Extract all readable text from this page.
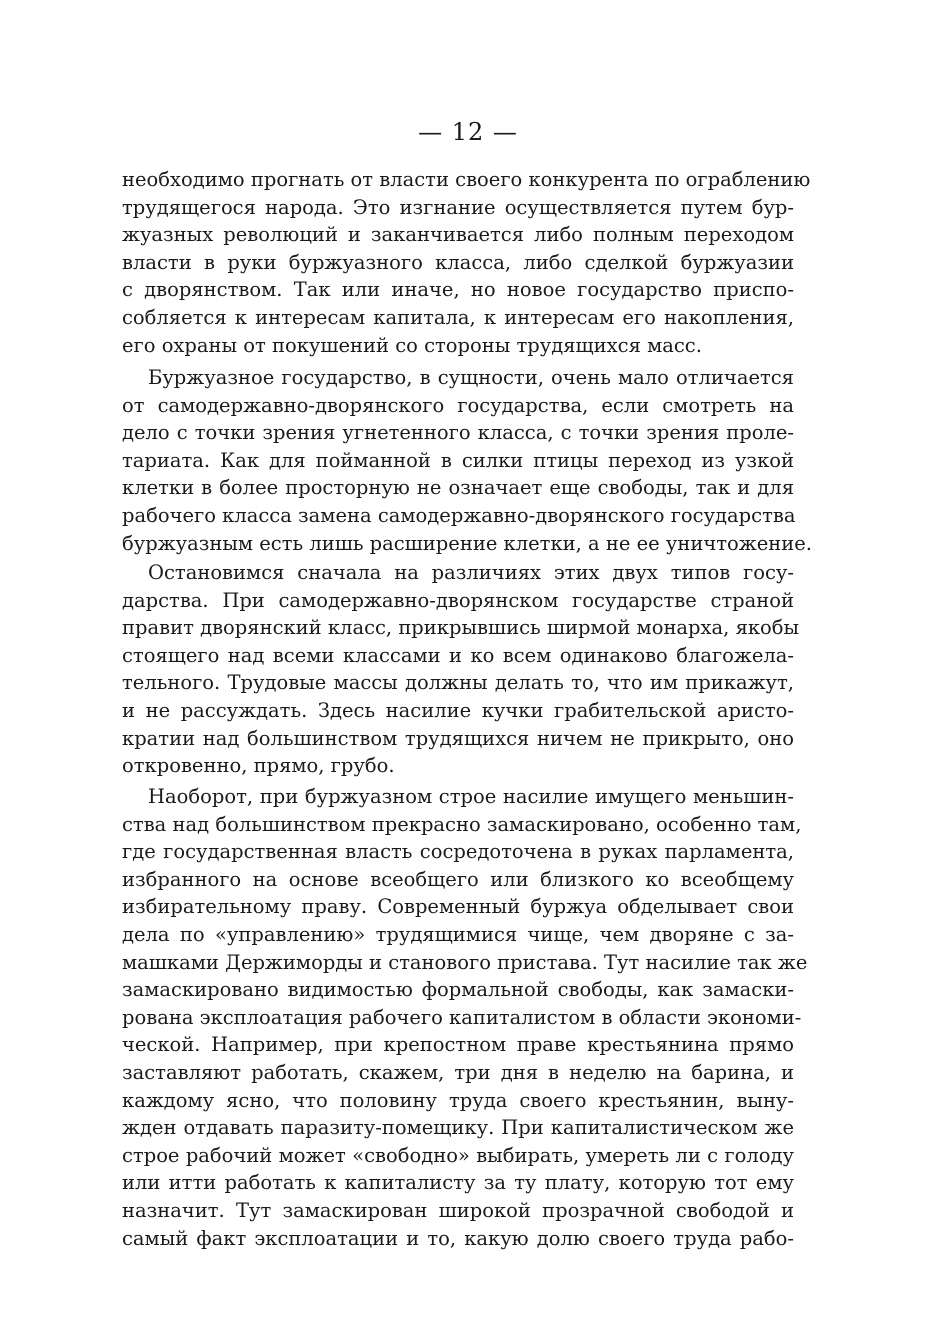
— 12 —
необходимо прогнать от власти своего конкурента по ограблению
трудящегося народа. Это изгнание осуществляется путем бур-
жуазных революций и заканчивается либо полным переходом
власти в руки буржуазного класса, либо сделкой буржуазии
с дворянством. Так или иначе, но новое государство приспо-
собляется к интересам капитала, к интересам его накопления,
его охраны от покушений со стороны трудящихся масс.
Буржуазное государство, в сущности, очень мало отличается
от самодержавно-дворянского государства, если смотреть на
дело с точки зрения угнетенного класса, с точки зрения проле-
тариата. Как для пойманной в силки птицы переход из узкой
клетки в более просторную не означает еще свободы, так и для
рабочего класса замена самодержавно-дворянского государства
буржуазным есть лишь расширение клетки, а не ее уничтожение.
Остановимся сначала на различиях этих двух типов госу-
дарства. При самодержавно-дворянском государстве страной
правит дворянский класс, прикрывшись ширмой монарха, якобы
стоящего над всеми классами и ко всем одинаково благожела-
тельного. Трудовые массы должны делать то, что им прикажут,
и не рассуждать. Здесь насилие кучки грабительской аристо-
кратии над большинством трудящихся ничем не прикрыто, оно
откровенно, прямо, грубо.
Наоборот, при буржуазном строе насилие имущего меньшин-
ства над большинством прекрасно замаскировано, особенно там,
где государственная власть сосредоточена в руках парламента,
избранного на основе всеобщего или близкого ко всеобщему
избирательному праву. Современный буржуа обделывает свои
дела по «управлению» трудящимися чище, чем дворяне с за-
машками Держиморды и станового пристава. Тут насилие так же
замаскировано видимостью формальной свободы, как замаски-
рована эксплоатация рабочего капиталистом в области экономи-
ческой. Например, при крепостном праве крестьянина прямо
заставляют работать, скажем, три дня в неделю на барина, и
каждому ясно, что половину труда своего крестьянин, выну-
жден отдавать паразиту-помещику. При капиталистическом же
строе рабочий может «свободно» выбирать, умереть ли с голоду
или итти работать к капиталисту за ту плату, которую тот ему
назначит. Тут замаскирован широкой прозрачной свободой и
самый факт эксплоатации и то, какую долю своего труда рабо-
